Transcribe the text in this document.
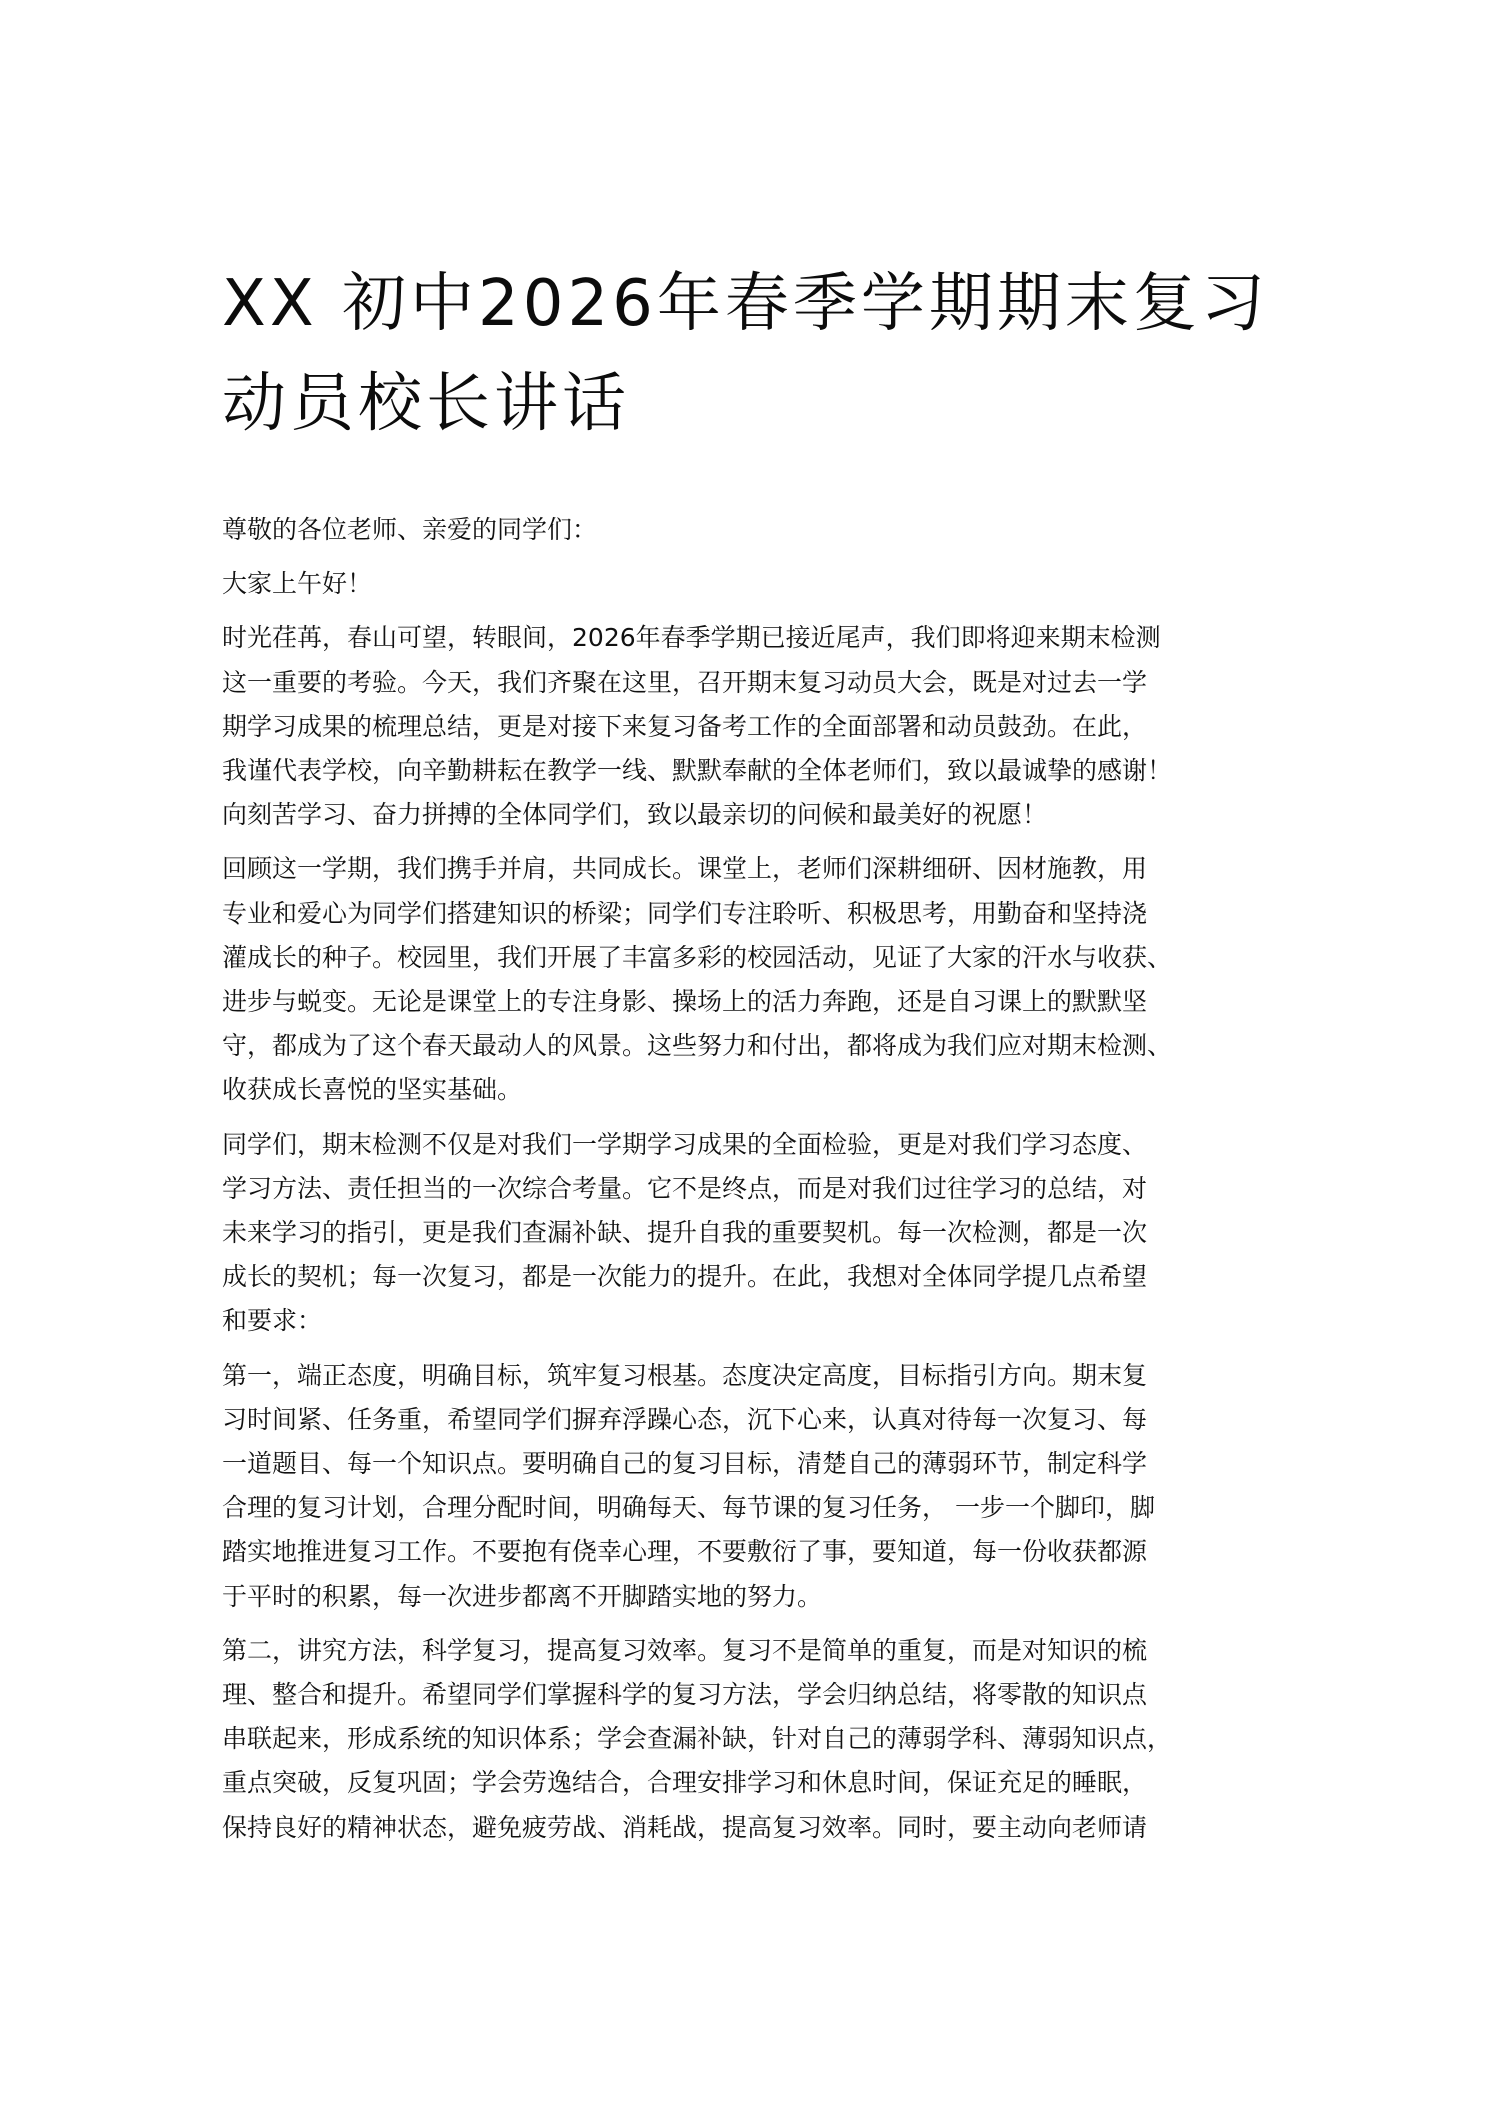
XX 初中2026年春季学期期末复习
动员校长讲话

尊敬的各位老师、亲爱的同学们：

大家上午好！

时光荏苒，春山可望，转眼间，2026年春季学期已接近尾声，我们即将迎来期末检测
这一重要的考验。今天，我们齐聚在这里，召开期末复习动员大会，既是对过去一学
期学习成果的梳理总结，更是对接下来复习备考工作的全面部署和动员鼓劲。在此，
我谨代表学校，向辛勤耕耘在教学一线、默默奉献的全体老师们，致以最诚挚的感谢！
向刻苦学习、奋力拼搏的全体同学们，致以最亲切的问候和最美好的祝愿！

回顾这一学期，我们携手并肩，共同成长。课堂上，老师们深耕细研、因材施教，用
专业和爱心为同学们搭建知识的桥梁；同学们专注聆听、积极思考，用勤奋和坚持浇
灌成长的种子。校园里，我们开展了丰富多彩的校园活动，见证了大家的汗水与收获、
进步与蜕变。无论是课堂上的专注身影、操场上的活力奔跑，还是自习课上的默默坚
守，都成为了这个春天最动人的风景。这些努力和付出，都将成为我们应对期末检测、
收获成长喜悦的坚实基础。

同学们，期末检测不仅是对我们一学期学习成果的全面检验，更是对我们学习态度、
学习方法、责任担当的一次综合考量。它不是终点，而是对我们过往学习的总结，对
未来学习的指引，更是我们查漏补缺、提升自我的重要契机。每一次检测，都是一次
成长的契机；每一次复习，都是一次能力的提升。在此，我想对全体同学提几点希望
和要求：

第一，端正态度，明确目标，筑牢复习根基。态度决定高度，目标指引方向。期末复
习时间紧、任务重，希望同学们摒弃浮躁心态，沉下心来，认真对待每一次复习、每
一道题目、每一个知识点。要明确自己的复习目标，清楚自己的薄弱环节，制定科学
合理的复习计划，合理分配时间，明确每天、每节课的复习任务， 一步一个脚印，脚
踏实地推进复习工作。不要抱有侥幸心理，不要敷衍了事，要知道，每一份收获都源
于平时的积累，每一次进步都离不开脚踏实地的努力。

第二，讲究方法，科学复习，提高复习效率。复习不是简单的重复，而是对知识的梳
理、整合和提升。希望同学们掌握科学的复习方法，学会归纳总结，将零散的知识点
串联起来，形成系统的知识体系；学会查漏补缺，针对自己的薄弱学科、薄弱知识点，
重点突破，反复巩固；学会劳逸结合，合理安排学习和休息时间，保证充足的睡眠，
保持良好的精神状态，避免疲劳战、消耗战，提高复习效率。同时，要主动向老师请
